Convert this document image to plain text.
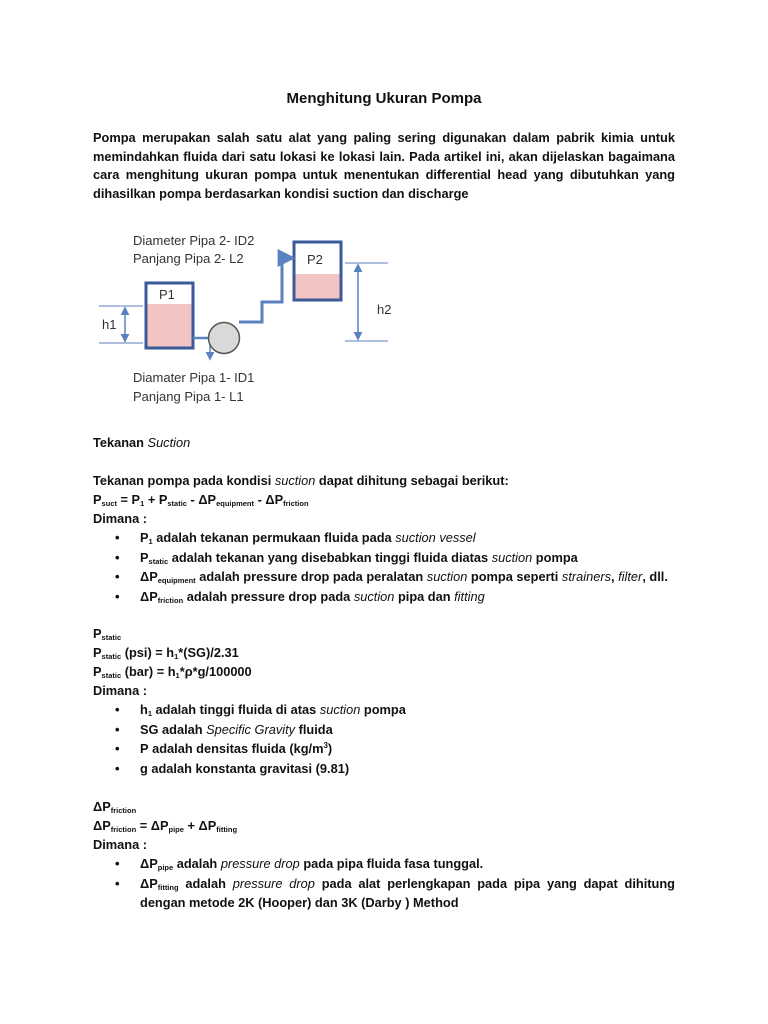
Menghitung Ukuran Pompa

Pompa merupakan salah satu alat yang paling sering digunakan dalam pabrik kimia untuk memindahkan fluida dari satu lokasi ke lokasi lain. Pada artikel ini, akan dijelaskan bagaimana cara menghitung ukuran pompa untuk menentukan differential head yang dibutuhkan yang dihasilkan pompa berdasarkan kondisi suction dan discharge

Diameter Pipa 2- ID2
Panjang Pipa 2- L2	P2
P1
h1
h2
Diamater Pipa 1- ID1
Panjang Pipa 1- L1

Tekanan Suction

Tekanan pompa pada kondisi suction dapat dihitung sebagai berikut:

$P_{suct} = P_1 + P_{static} - \Delta P_{equipment} - \Delta P_{friction}$

Dimana :

• $P_1$ adalah tekanan permukaan fluida pada suction vessel
• $P_{static}$ adalah tekanan yang disebabkan tinggi fluida diatas suction pompa
• $\Delta P_{equipment}$ adalah pressure drop pada peralatan suction pompa seperti strainers, filter, dll.
• $\Delta P_{friction}$ adalah pressure drop pada suction pipa dan fitting

$P_{static}$

$P_{static}$ $(psi) = h_1*(SG)/2.31$

$P_{static}$ $(bar) = h_1*\rho*g/100000$

Dimana :

• $h_1$ adalah tinggi fluida di atas suction pompa
• SG adalah Specific Gravity fluida
• Ρ adalah densitas fluida $(kg/m^3)$
• g adalah konstanta gravitasi (9.81)

$\Delta P_{friction}$

$\Delta P_{friction} = \Delta P_{pipe} + \Delta P_{fitting}$

Dimana :

• $\Delta P_{pipe}$ adalah pressure drop pada pipa fluida fasa tunggal.
• $\Delta P_{fitting}$ adalah pressure drop pada alat perlengkapan pada pipa yang dapat dihitung dengan metode 2K (Hooper) dan 3K (Darby ) Method
